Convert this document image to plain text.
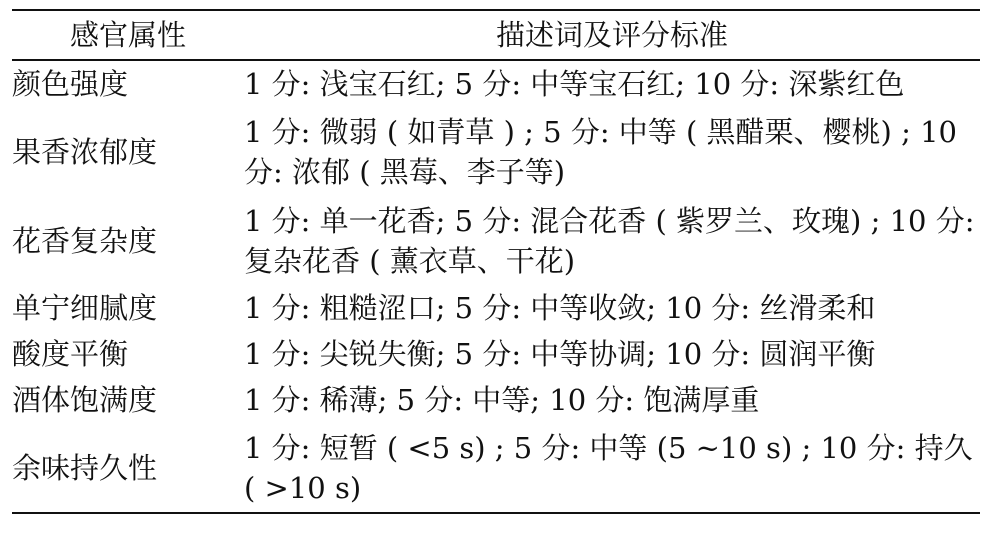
感官属性	描述词及评分标准
颜色强度	1 分: 浅宝石红; 5 分: 中等宝石红; 10 分: 深紫红色
果香浓郁度	1 分: 微弱 ( 如青草 ) ; 5 分: 中等 ( 黑醋栗、樱桃) ; 10 分: 浓郁 ( 黑莓、李子等)
花香复杂度	1 分: 单一花香; 5 分: 混合花香 ( 紫罗兰、玫瑰) ; 10 分: 复杂花香 ( 薰衣草、干花)
单宁细腻度	1 分: 粗糙涩口; 5 分: 中等收敛; 10 分: 丝滑柔和
酸度平衡	1 分: 尖锐失衡; 5 分: 中等协调; 10 分: 圆润平衡
酒体饱满度	1 分: 稀薄; 5 分: 中等; 10 分: 饱满厚重
余味持久性	1 分: 短暂 ( <5 s) ; 5 分: 中等 (5 ~10 s) ; 10 分: 持久 ( >10 s)
